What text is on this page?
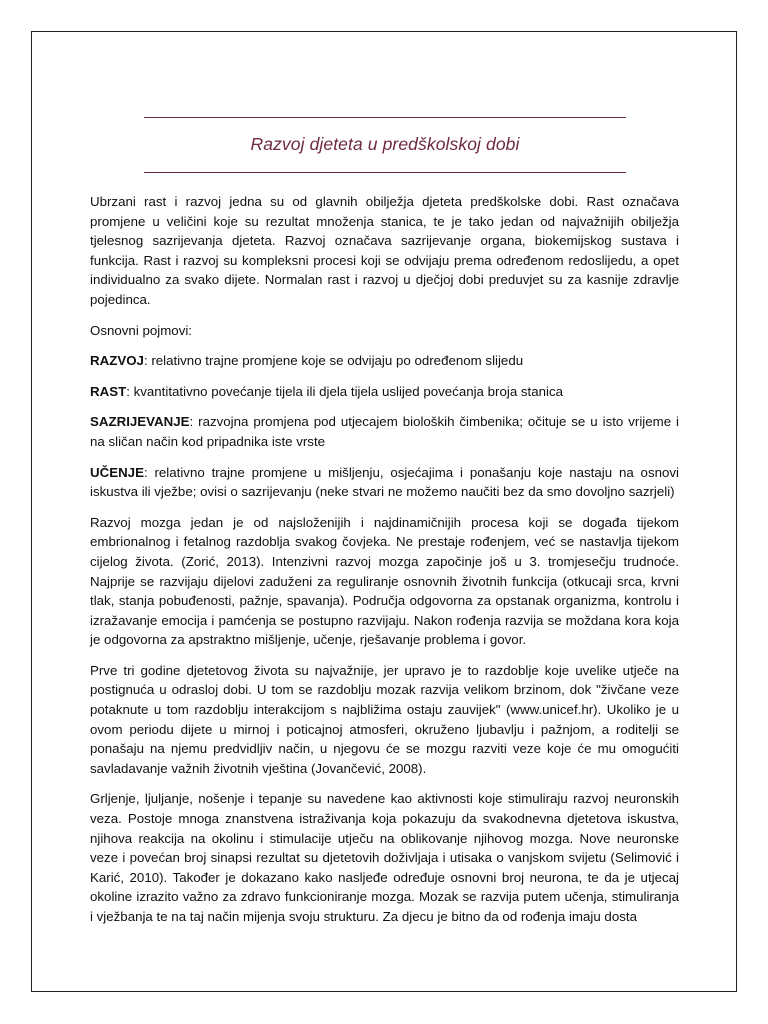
Razvoj djeteta u predškolskoj dobi

Ubrzani rast i razvoj jedna su od glavnih obilježja djeteta predškolske dobi. Rast označava promjene u veličini koje su rezultat množenja stanica, te je tako jedan od najvažnijih obilježja tjelesnog sazrijevanja djeteta. Razvoj označava sazrijevanje organa, biokemijskog sustava i funkcija. Rast i razvoj su kompleksni procesi koji se odvijaju prema određenom redoslijedu, a opet individualno za svako dijete. Normalan rast i razvoj u dječjoj dobi preduvjet su za kasnije zdravlje pojedinca.

Osnovni pojmovi:

RAZVOJ: relativno trajne promjene koje se odvijaju po određenom slijedu

RAST: kvantitativno povećanje tijela ili djela tijela uslijed povećanja broja stanica

SAZRIJEVANJE: razvojna promjena pod utjecajem bioloških čimbenika; očituje se u isto vrijeme i na sličan način kod pripadnika iste vrste

UČENJE: relativno trajne promjene u mišljenju, osjećajima i ponašanju koje nastaju na osnovi iskustva ili vježbe; ovisi o sazrijevanju (neke stvari ne možemo naučiti bez da smo dovoljno sazrjeli)

Razvoj mozga jedan je od najsloženijih i najdinamičnijih procesa koji se događa tijekom embrionalnog i fetalnog razdoblja svakog čovjeka. Ne prestaje rođenjem, već se nastavlja tijekom cijelog života. (Zorić, 2013). Intenzivni razvoj mozga započinje još u 3. tromjesečju trudnoće. Najprije se razvijaju dijelovi zaduženi za reguliranje osnovnih životnih funkcija (otkucaji srca, krvni tlak, stanja pobuđenosti, pažnje, spavanja). Područja odgovorna za opstanak organizma, kontrolu i izražavanje emocija i pamćenja se postupno razvijaju. Nakon rođenja razvija se moždana kora koja je odgovorna za apstraktno mišljenje, učenje, rješavanje problema i govor.

Prve tri godine djetetovog života su najvažnije, jer upravo je to razdoblje koje uvelike utječe na postignuća u odrasloj dobi. U tom se razdoblju mozak razvija velikom brzinom, dok "živčane veze potaknute u tom razdoblju interakcijom s najbližima ostaju zauvijek" (www.unicef.hr). Ukoliko je u ovom periodu dijete u mirnoj i poticajnoj atmosferi, okruženo ljubavlju i pažnjom, a roditelji se ponašaju na njemu predvidljiv način, u njegovu će se mozgu razviti veze koje će mu omogućiti savladavanje važnih životnih vještina (Jovančević, 2008).

Grljenje, ljuljanje, nošenje i tepanje su navedene kao aktivnosti koje stimuliraju razvoj neuronskih veza. Postoje mnoga znanstvena istraživanja koja pokazuju da svakodnevna djetetova iskustva, njihova reakcija na okolinu i stimulacije utječu na oblikovanje njihovog mozga. Nove neuronske veze i povećan broj sinapsi rezultat su djetetovih doživljaja i utisaka o vanjskom svijetu (Selimović i Karić, 2010). Također je dokazano kako nasljeđe određuje osnovni broj neurona, te da je utjecaj okoline izrazito važno za zdravo funkcioniranje mozga. Mozak se razvija putem učenja, stimuliranja i vježbanja te na taj način mijenja svoju strukturu. Za djecu je bitno da od rođenja imaju dosta
